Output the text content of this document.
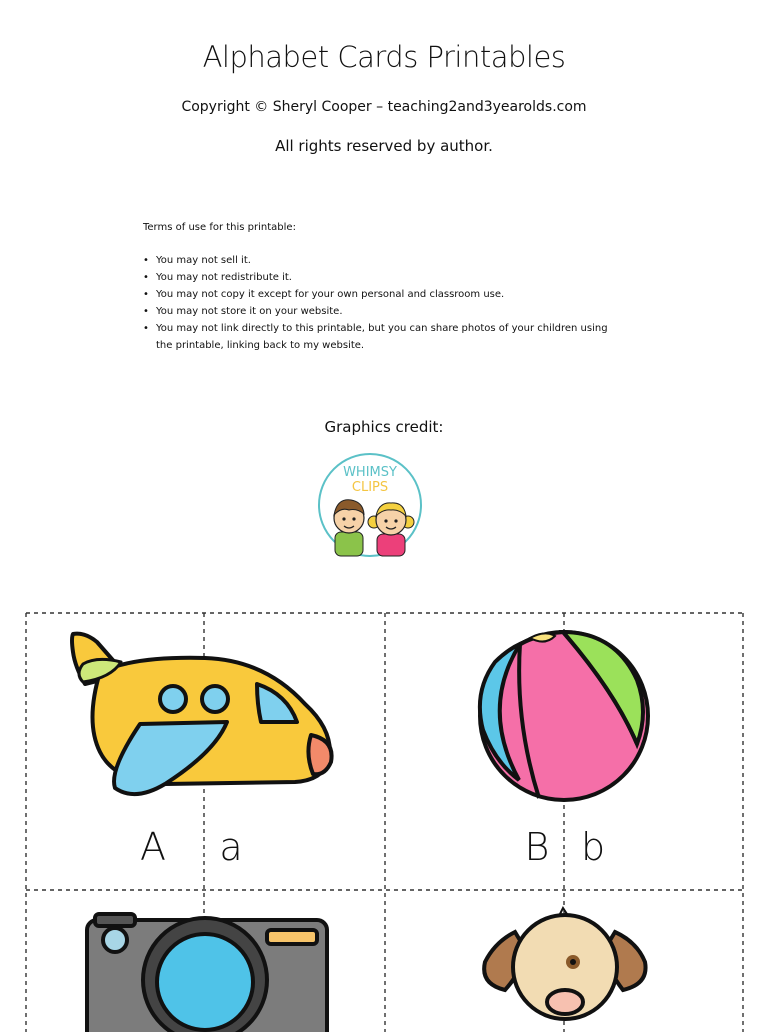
Alphabet Cards Printables
Copyright © Sheryl Cooper – teaching2and3yearolds.com
All rights reserved by author.
Terms of use for this printable:
• You may not sell it.
• You may not redistribute it.
• You may not copy it except for your own personal and classroom use.
• You may not store it on your website.
• You may not link directly to this printable, but you can share photos of your children using the printable, linking back to my website.
Graphics credit:
WHIMSY
CLIPS
A a	B b
